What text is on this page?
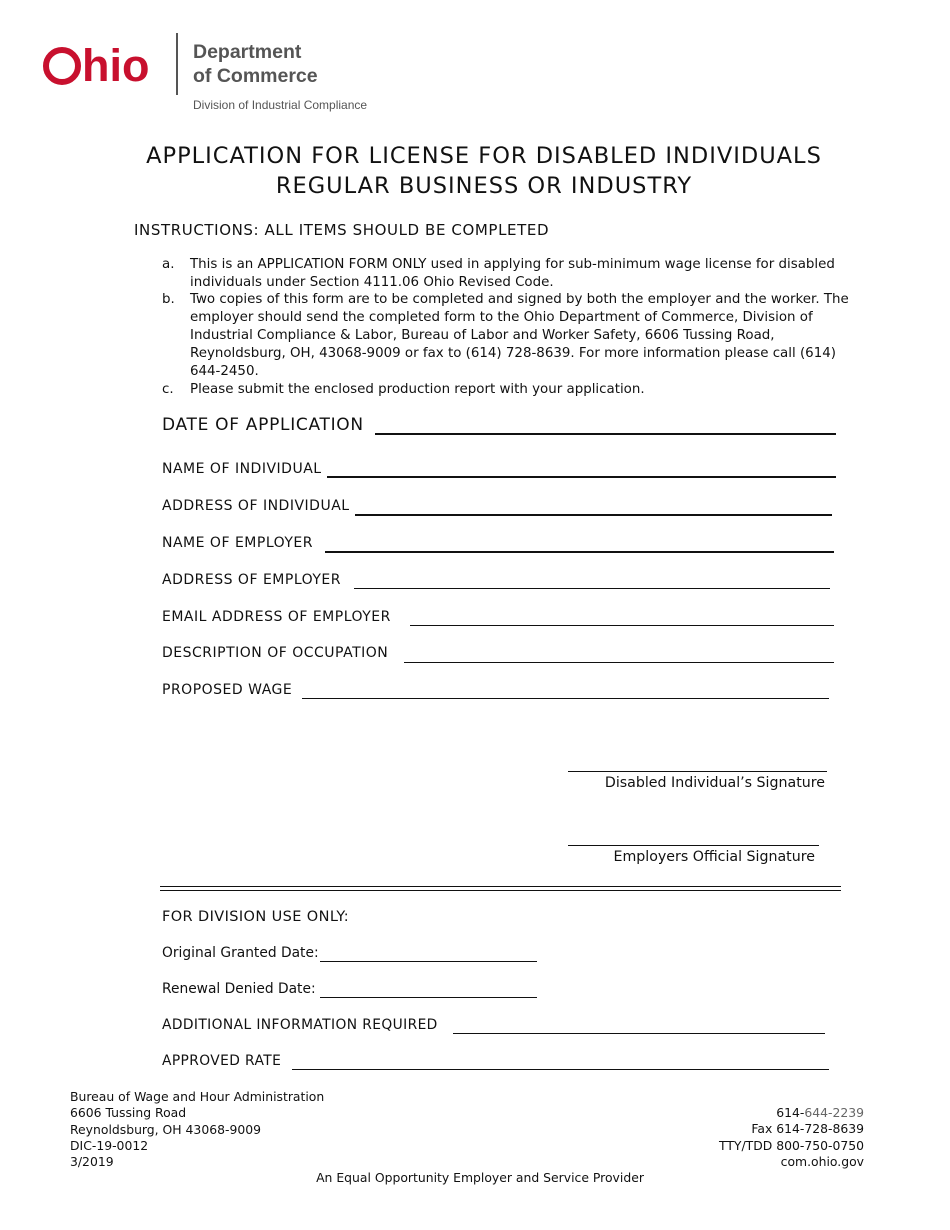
hio Department
of Commerce
Division of Industrial Compliance
APPLICATION FOR LICENSE FOR DISABLED INDIVIDUALS
REGULAR BUSINESS OR INDUSTRY
INSTRUCTIONS: ALL ITEMS SHOULD BE COMPLETED
a. This is an APPLICATION FORM ONLY used in applying for sub-minimum wage license for disabled individuals under Section 4111.06 Ohio Revised Code.
b. Two copies of this form are to be completed and signed by both the employer and the worker. The employer should send the completed form to the Ohio Department of Commerce, Division of Industrial Compliance & Labor, Bureau of Labor and Worker Safety, 6606 Tussing Road, Reynoldsburg, OH, 43068-9009 or fax to (614) 728-8639. For more information please call (614) 644-2450.
c. Please submit the enclosed production report with your application.
DATE OF APPLICATION
NAME OF INDIVIDUAL
ADDRESS OF INDIVIDUAL
NAME OF EMPLOYER
ADDRESS OF EMPLOYER
EMAIL ADDRESS OF EMPLOYER
DESCRIPTION OF OCCUPATION
PROPOSED WAGE
Disabled Individual’s Signature
Employers Official Signature
FOR DIVISION USE ONLY:
Original Granted Date:
Renewal Denied Date:
ADDITIONAL INFORMATION REQUIRED
APPROVED RATE
Bureau of Wage and Hour Administration
6606 Tussing Road
Reynoldsburg, OH 43068-9009
DIC-19-0012
3/2019
614-644-2239
Fax 614-728-8639
TTY/TDD 800-750-0750
com.ohio.gov
An Equal Opportunity Employer and Service Provider
